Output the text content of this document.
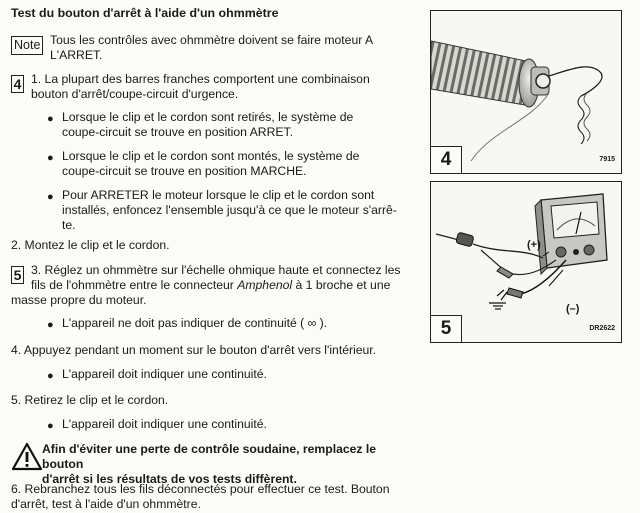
Test du bouton d'arrêt à l'aide d'un ohmmètre
Note Tous les contrôles avec ohmmètre doivent se faire moteur A
L'ARRET.
4 1. La plupart des barres franches comportent une combinaison
bouton d'arrêt/coupe-circuit d'urgence.
● Lorsque le clip et le cordon sont retirés, le système de
coupe-circuit se trouve en position ARRET.
● Lorsque le clip et le cordon sont montés, le système de
coupe-circuit se trouve en position MARCHE.
● Pour ARRETER le moteur lorsque le clip et le cordon sont
installés, enfoncez l'ensemble jusqu'à ce que le moteur s'arrê-
te.
2. Montez le clip et le cordon.
5 3. Réglez un ohmmètre sur l'échelle ohmique haute et connectez les
fils de l'ohmmètre entre le connecteur Amphenol à 1 broche et une
masse propre du moteur.
● L'appareil ne doit pas indiquer de continuité ( ∞ ).
4. Appuyez pendant un moment sur le bouton d'arrêt vers l'intérieur.
● L'appareil doit indiquer une continuité.
5. Retirez le clip et le cordon.
● L'appareil doit indiquer une continuité.
Afin d'éviter une perte de contrôle soudaine, remplacez le bouton
d'arrêt si les résultats de vos tests diffèrent.
6. Rebranchez tous les fils déconnectés pour effectuer ce test. Bouton
d'arrêt, test à l'aide d'un ohmmètre.
4	7915
(+)
(–)
5	DR2622
